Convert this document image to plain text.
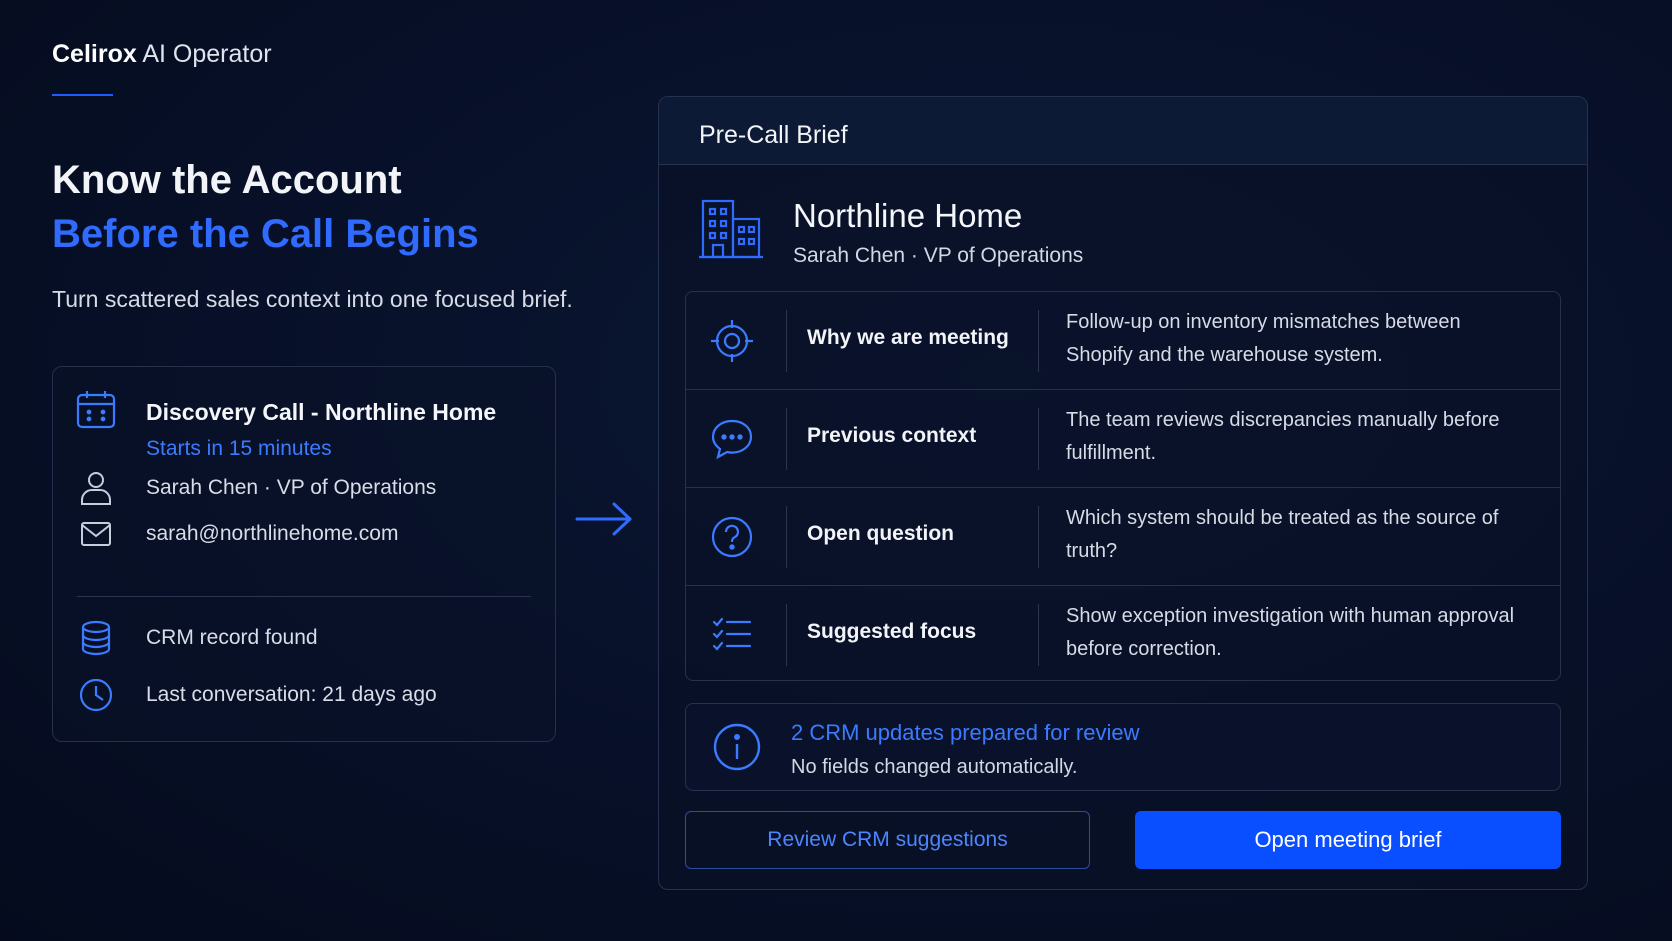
Celirox AI Operator
Know the Account
Before the Call Begins
Turn scattered sales context into one focused brief.
Discovery Call - Northline Home
Starts in 15 minutes
Sarah Chen · VP of Operations
sarah@northlinehome.com
CRM record found
Last conversation: 21 days ago
Pre-Call Brief
Northline Home
Sarah Chen · VP of Operations
Why we are meeting
Follow-up on inventory mismatches between Shopify and the warehouse system.
Previous context
The team reviews discrepancies manually before fulfillment.
Open question
Which system should be treated as the source of truth?
Suggested focus
Show exception investigation with human approval before correction.
2 CRM updates prepared for review
No fields changed automatically.
Review CRM suggestions	Open meeting brief
